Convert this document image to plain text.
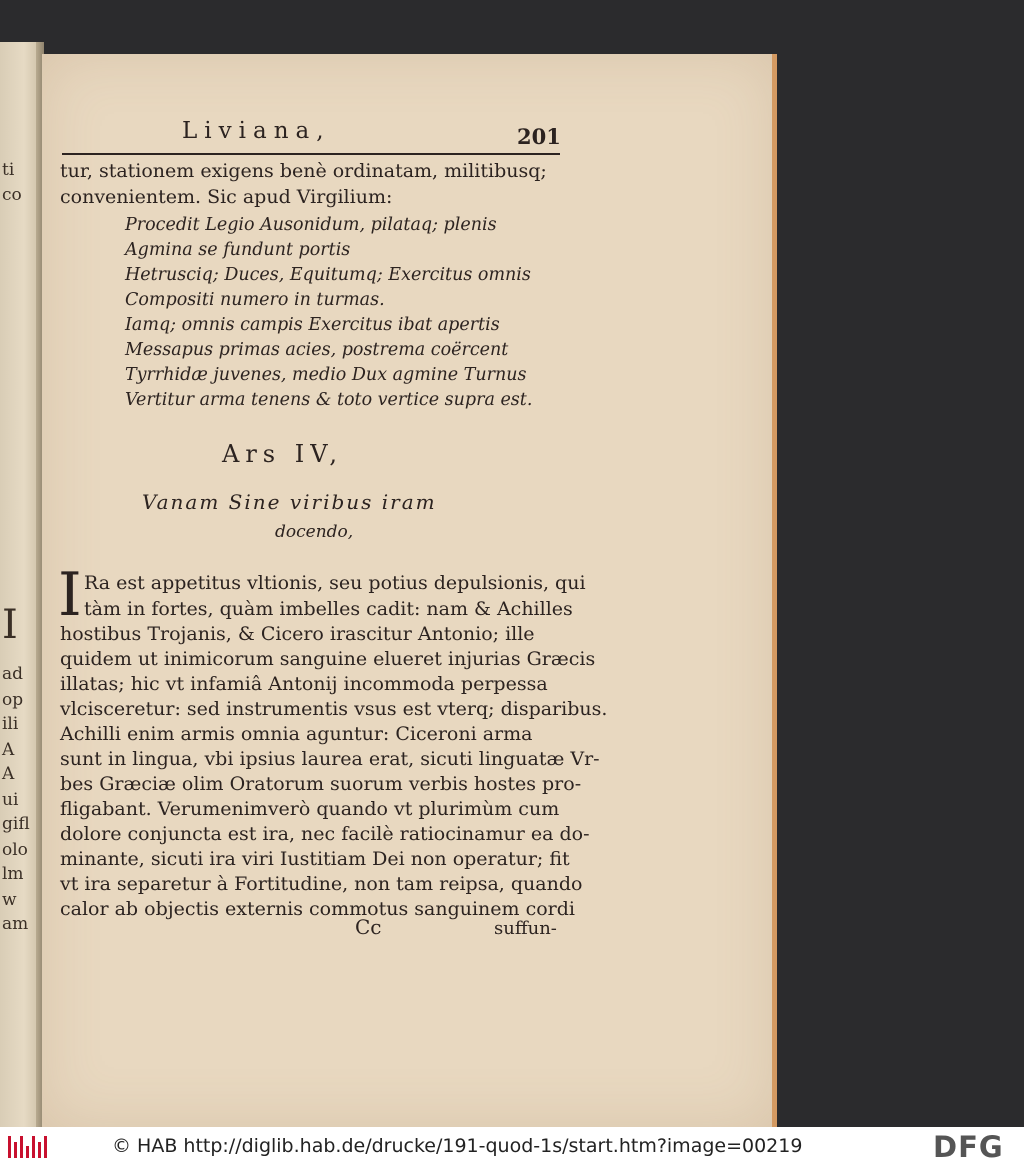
ti
co
I
ad
op
ili
A
A
ui
gifl
olo
lm
w
am
Liviana,	201
tur, stationem exigens benè ordinatam, militibusq;
convenientem. Sic apud Virgilium:
Procedit Legio Ausonidum, pilataq; plenis
Agmina se fundunt portis
Hetrusciq; Duces, Equitumq; Exercitus omnis
Compositi numero in turmas.
Iamq; omnis campis Exercitus ibat apertis
Messapus primas acies, postrema coërcent
Tyrrhidæ juvenes, medio Dux agmine Turnus
Vertitur arma tenens & toto vertice supra est.
Ars IV,
Vanam Sine viribus iram
docendo,
I Ra est appetitus vltionis, seu potius depulsionis, qui
tàm in fortes, quàm imbelles cadit: nam & Achilles
hostibus Trojanis, & Cicero irascitur Antonio; ille
quidem ut inimicorum sanguine elueret injurias Græcis
illatas; hic vt infamiâ Antonij incommoda perpessa
vlcisceretur: sed instrumentis vsus est vterq; disparibus.
Achilli enim armis omnia aguntur: Ciceroni arma
sunt in lingua, vbi ipsius laurea erat, sicuti linguatæ Vr-
bes Græciæ olim Oratorum suorum verbis hostes pro-
fligabant. Verumenimverò quando vt plurimùm cum
dolore conjuncta est ira, nec facilè ratiocinamur ea do-
minante, sicuti ira viri Iustitiam Dei non operatur; fit
vt ira separetur à Fortitudine, non tam reipsa, quando
calor ab objectis externis commotus sanguinem cordi
Cc	suffun-
© HAB http://diglib.hab.de/drucke/191-quod-1s/start.htm?image=00219	DFG
